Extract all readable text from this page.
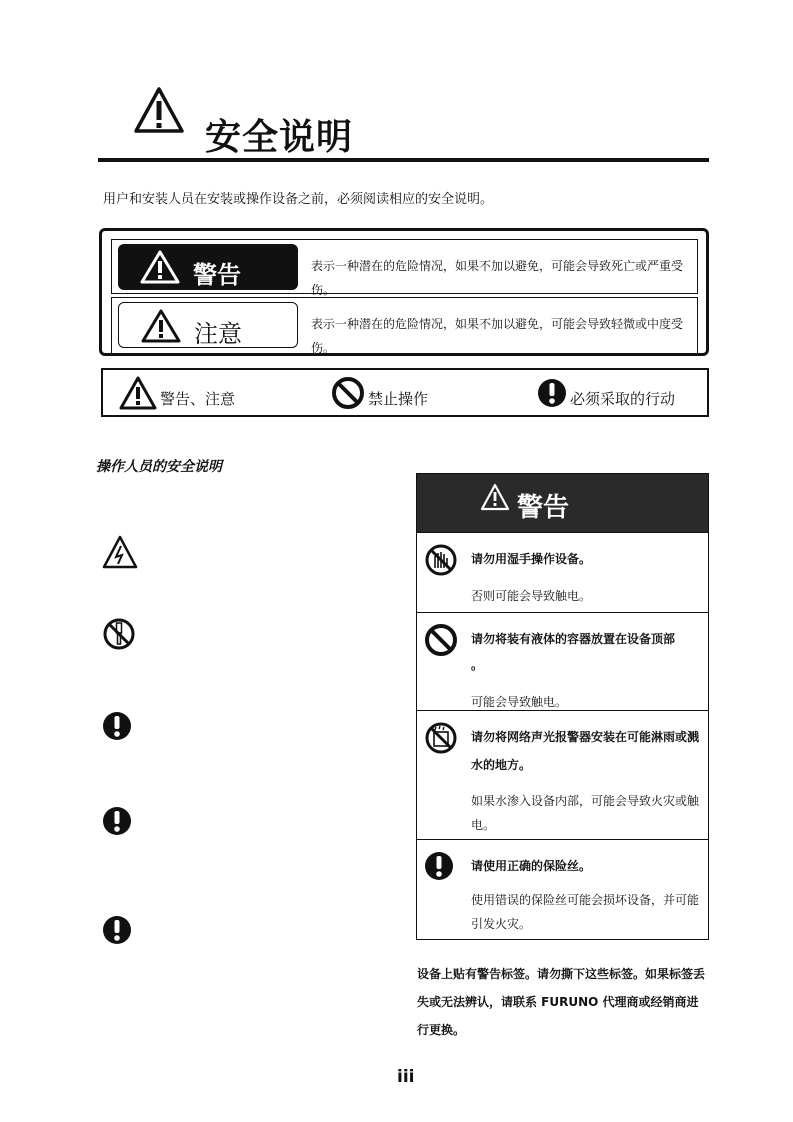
安全说明
用户和安装人员在安装或操作设备之前，必须阅读相应的安全说明。
警告	表示一种潜在的危险情况，如果不加以避免，可能会导致死亡或严重受伤。
注意	表示一种潜在的危险情况，如果不加以避免，可能会导致轻微或中度受伤。
警告、注意	禁止操作	必须采取的行动
操作人员的安全说明
警告
请勿用湿手操作设备。
否则可能会导致触电。
请勿将装有液体的容器放置在设备顶部
。
可能会导致触电。
请勿将网络声光报警器安装在可能淋雨或溅水的地方。
如果水渗入设备内部，可能会导致火灾或触电。
请使用正确的保险丝。
使用错误的保险丝可能会损坏设备，并可能引发火灾。
设备上贴有警告标签。请勿撕下这些标签。如果标签丢失或无法辨认，请联系 FURUNO 代理商或经销商进行更换。
iii
